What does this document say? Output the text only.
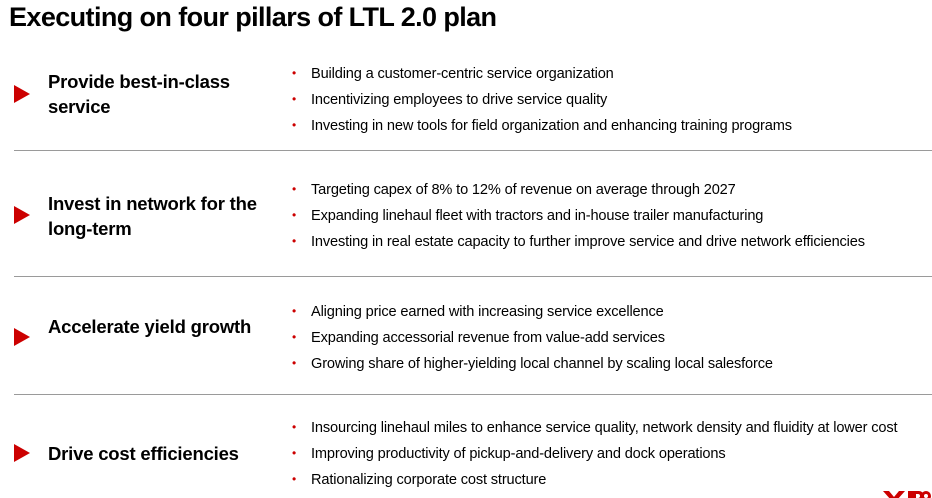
Executing on four pillars of LTL 2.0 plan
Provide best-in-class service
• Building a customer-centric service organization
• Incentivizing employees to drive service quality
• Investing in new tools for field organization and enhancing training programs
Invest in network for the long-term
• Targeting capex of 8% to 12% of revenue on average through 2027
• Expanding linehaul fleet with tractors and in-house trailer manufacturing
• Investing in real estate capacity to further improve service and drive network efficiencies
Accelerate yield growth
• Aligning price earned with increasing service excellence
• Expanding accessorial revenue from value-add services
• Growing share of higher-yielding local channel by scaling local salesforce
Drive cost efficiencies
• Insourcing linehaul miles to enhance service quality, network density and fluidity at lower cost
• Improving productivity of pickup-and-delivery and dock operations
• Rationalizing corporate cost structure
